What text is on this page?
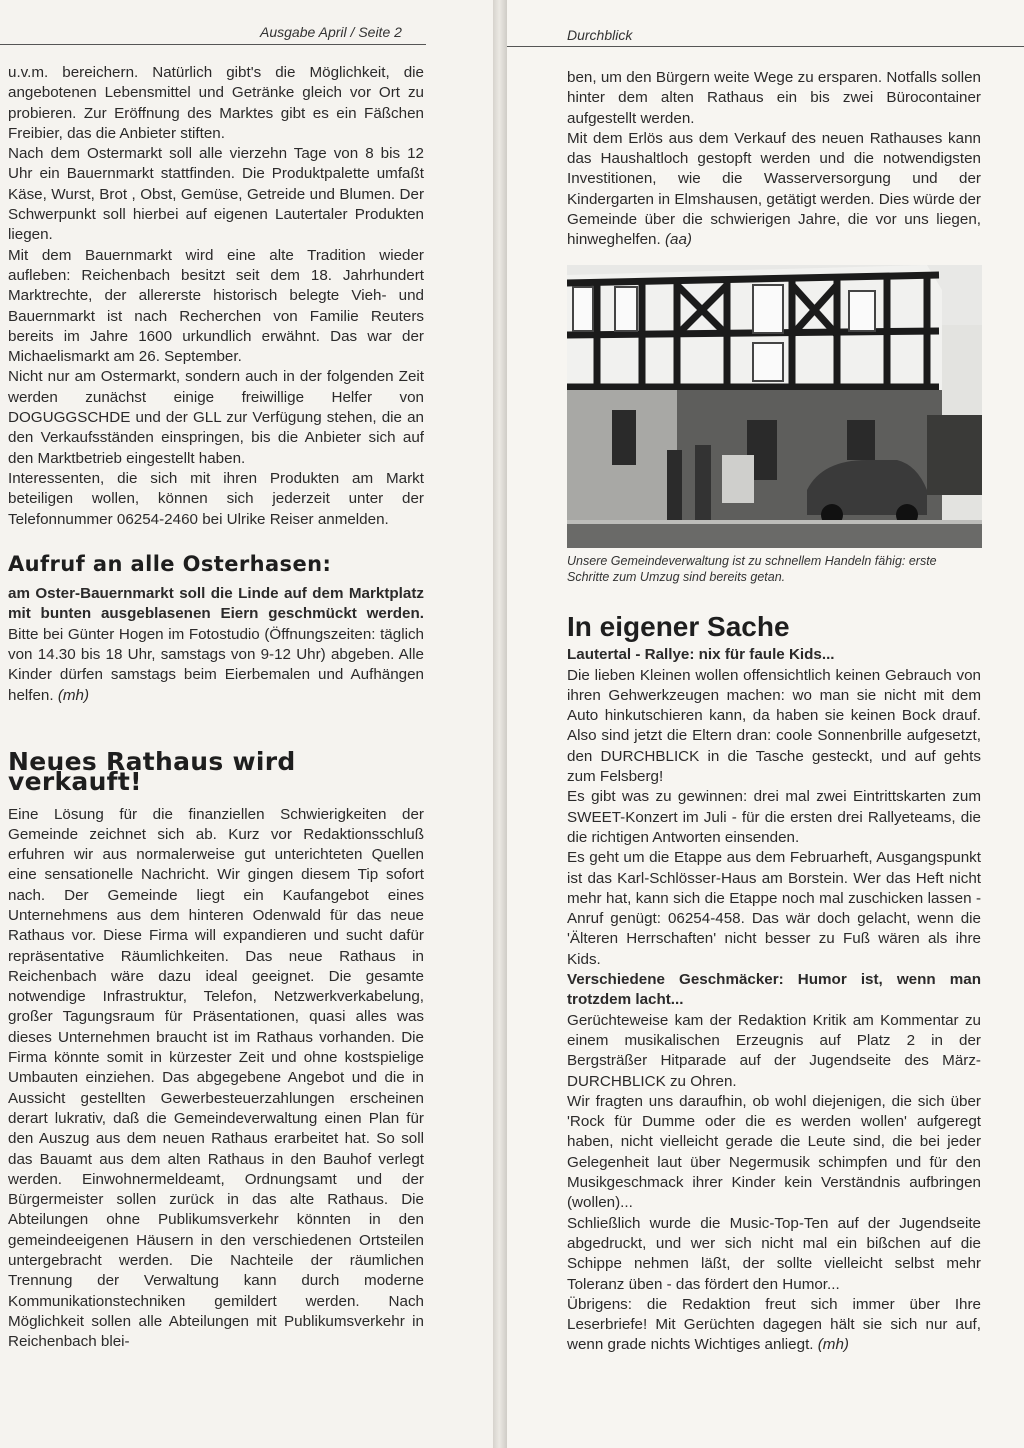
Ausgabe April / Seite 2	Durchblick

u.v.m. bereichern. Natürlich gibt's die Möglichkeit, die angebotenen Lebensmittel und Getränke gleich vor Ort zu probieren. Zur Eröffnung des Marktes gibt es ein Fäßchen Freibier, das die Anbieter stiften.

Nach dem Ostermarkt soll alle vierzehn Tage von 8 bis 12 Uhr ein Bauernmarkt stattfinden. Die Produktpalette umfaßt Käse, Wurst, Brot , Obst, Gemüse, Getreide und Blumen. Der Schwerpunkt soll hierbei auf eigenen Lautertaler Produkten liegen.

Mit dem Bauernmarkt wird eine alte Tradition wieder aufleben: Reichenbach besitzt seit dem 18. Jahrhundert Marktrechte, der allererste historisch belegte Vieh- und Bauernmarkt ist nach Recherchen von Familie Reuters bereits im Jahre 1600 urkundlich erwähnt. Das war der Michaelismarkt am 26. September.

Nicht nur am Ostermarkt, sondern auch in der folgenden Zeit werden zunächst einige freiwillige Helfer von DOGUGGSCHDE und der GLL zur Verfügung stehen, die an den Verkaufsständen einspringen, bis die Anbieter sich auf den Marktbetrieb eingestellt haben.

Interessenten, die sich mit ihren Produkten am Markt beteiligen wollen, können sich jederzeit unter der Telefonnummer 06254-2460 bei Ulrike Reiser anmelden.

Aufruf an alle Osterhasen:

am Oster-Bauernmarkt soll die Linde auf dem Marktplatz mit bunten ausgeblasenen Eiern geschmückt werden. Bitte bei Günter Hogen im Fotostudio (Öffnungszeiten: täglich von 14.30 bis 18 Uhr, samstags von 9-12 Uhr) abgeben. Alle Kinder dürfen samstags beim Eierbemalen und Aufhängen helfen. (mh)

Neues Rathaus wird verkauft!

Eine Lösung für die finanziellen Schwierigkeiten der Gemeinde zeichnet sich ab. Kurz vor Redaktionsschluß erfuhren wir aus normalerweise gut unterichteten Quellen eine sensationelle Nachricht. Wir gingen diesem Tip sofort nach. Der Gemeinde liegt ein Kaufangebot eines Unternehmens aus dem hinteren Odenwald für das neue Rathaus vor. Diese Firma will expandieren und sucht dafür repräsentative Räumlichkeiten. Das neue Rathaus in Reichenbach wäre dazu ideal geeignet. Die gesamte notwendige Infrastruktur, Telefon, Netzwerkverkabelung, großer Tagungsraum für Präsentationen, quasi alles was dieses Unternehmen braucht ist im Rathaus vorhanden. Die Firma könnte somit in kürzester Zeit und ohne kostspielige Umbauten einziehen. Das abgegebene Angebot und die in Aussicht gestellten Gewerbesteuerzahlungen erscheinen derart lukrativ, daß die Gemeindeverwaltung einen Plan für den Auszug aus dem neuen Rathaus erarbeitet hat. So soll das Bauamt aus dem alten Rathaus in den Bauhof verlegt werden. Einwohnermeldeamt, Ordnungsamt und der Bürgermeister sollen zurück in das alte Rathaus. Die Abteilungen ohne Publikumsverkehr könnten in den gemeindeeigenen Häusern in den verschiedenen Ortsteilen untergebracht werden. Die Nachteile der räumlichen Trennung der Verwaltung kann durch moderne Kommunikationstechniken gemildert werden. Nach Möglichkeit sollen alle Abteilungen mit Publikumsverkehr in Reichenbach blei-

ben, um den Bürgern weite Wege zu ersparen. Notfalls sollen hinter dem alten Rathaus ein bis zwei Bürocontainer aufgestellt werden.

Mit dem Erlös aus dem Verkauf des neuen Rathauses kann das Haushaltloch gestopft werden und die notwendigsten Investitionen, wie die Wasserversorgung und der Kindergarten in Elmshausen, getätigt werden. Dies würde der Gemeinde über die schwierigen Jahre, die vor uns liegen, hinweghelfen. (aa)

Unsere Gemeindeverwaltung ist zu schnellem Handeln fähig: erste Schritte zum Umzug sind bereits getan.
In eigener Sache

Lautertal - Rallye: nix für faule Kids...

Die lieben Kleinen wollen offensichtlich keinen Gebrauch von ihren Gehwerkzeugen machen: wo man sie nicht mit dem Auto hinkutschieren kann, da haben sie keinen Bock drauf. Also sind jetzt die Eltern dran: coole Sonnenbrille aufgesetzt, den DURCHBLICK in die Tasche gesteckt, und auf gehts zum Felsberg!

Es gibt was zu gewinnen: drei mal zwei Eintrittskarten zum SWEET-Konzert im Juli - für die ersten drei Rallyeteams, die die richtigen Antworten einsenden.

Es geht um die Etappe aus dem Februarheft, Ausgangspunkt ist das Karl-Schlösser-Haus am Borstein. Wer das Heft nicht mehr hat, kann sich die Etappe noch mal zuschicken lassen - Anruf genügt: 06254-458. Das wär doch gelacht, wenn die 'Älteren Herrschaften' nicht besser zu Fuß wären als ihre Kids.

Verschiedene Geschmäcker: Humor ist, wenn man trotzdem lacht...

Gerüchteweise kam der Redaktion Kritik am Kommentar zu einem musikalischen Erzeugnis auf Platz 2 in der Bergsträßer Hitparade auf der Jugendseite des März-DURCHBLICK zu Ohren.

Wir fragten uns daraufhin, ob wohl diejenigen, die sich über 'Rock für Dumme oder die es werden wollen' aufgeregt haben, nicht vielleicht gerade die Leute sind, die bei jeder Gelegenheit laut über Negermusik schimpfen und für den Musikgeschmack ihrer Kinder kein Verständnis aufbringen (wollen)...

Schließlich wurde die Music-Top-Ten auf der Jugendseite abgedruckt, und wer sich nicht mal ein bißchen auf die Schippe nehmen läßt, der sollte vielleicht selbst mehr Toleranz üben - das fördert den Humor...

Übrigens: die Redaktion freut sich immer über Ihre Leserbriefe! Mit Gerüchten dagegen hält sie sich nur auf, wenn grade nichts Wichtiges anliegt. (mh)
